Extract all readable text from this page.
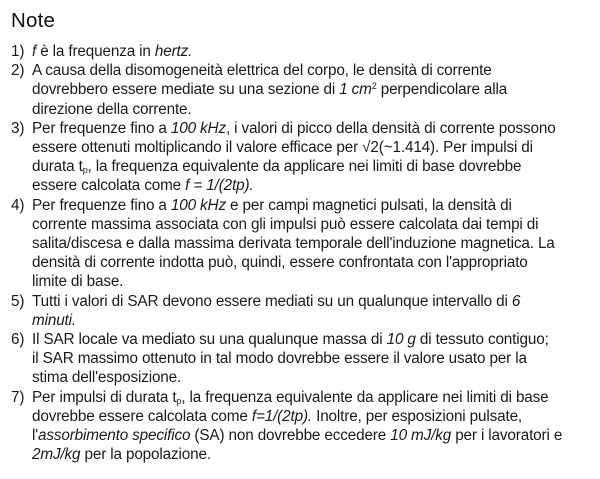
Note
1) f è la frequenza in hertz.
2) A causa della disomogeneità elettrica del corpo, le densità di corrente
dovrebbero essere mediate su una sezione di 1 $cm^2$ perpendicolare alla
direzione della corrente.
3) Per frequenze fino a 100 kHz, i valori di picco della densità di corrente possono
essere ottenuti moltiplicando il valore efficace per √2(~1.414). Per impulsi di
durata $t_p$, la frequenza equivalente da applicare nei limiti di base dovrebbe
essere calcolata come f = 1/(2tp).
4) Per frequenze fino a 100 kHz e per campi magnetici pulsati, la densità di
corrente massima associata con gli impulsi può essere calcolata dai tempi di
salita/discesa e dalla massima derivata temporale dell'induzione magnetica. La
densità di corrente indotta può, quindi, essere confrontata con l'appropriato
limite di base.
5) Tutti i valori di SAR devono essere mediati su un qualunque intervallo di 6
minuti.
6) Il SAR locale va mediato su una qualunque massa di 10 g di tessuto contiguo;
il SAR massimo ottenuto in tal modo dovrebbe essere il valore usato per la
stima dell'esposizione.
7) Per impulsi di durata $t_p$, la frequenza equivalente da applicare nei limiti di base
dovrebbe essere calcolata come f=1/(2tp). Inoltre, per esposizioni pulsate,
l'assorbimento specifico (SA) non dovrebbe eccedere 10 mJ/kg per i lavoratori e
2mJ/kg per la popolazione.
